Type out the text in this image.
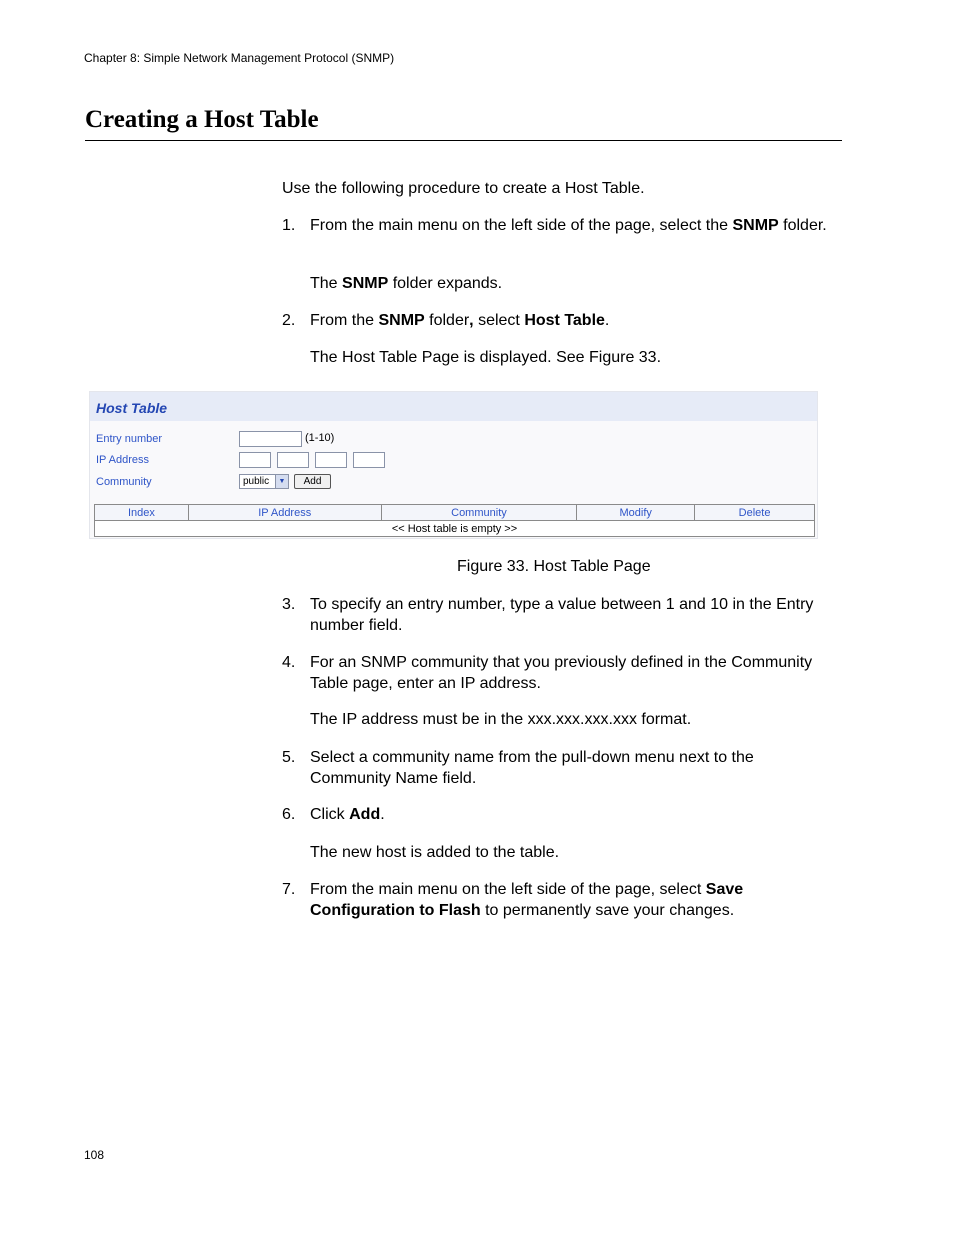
Chapter 8: Simple Network Management Protocol (SNMP)
Creating a Host Table
Use the following procedure to create a Host Table.
1. From the main menu on the left side of the page, select the SNMP folder.
The SNMP folder expands.
2. From the SNMP folder, select Host Table.
The Host Table Page is displayed. See Figure 33.
Host Table
Entry number	(1-10)
IP Address
Community	public	▼	Add
Index	IP Address	Community	Modify	Delete
<< Host table is empty >>
Figure 33. Host Table Page
3. To specify an entry number, type a value between 1 and 10 in the Entry number field.
4. For an SNMP community that you previously defined in the Community Table page, enter an IP address.
The IP address must be in the xxx.xxx.xxx.xxx format.
5. Select a community name from the pull-down menu next to the Community Name field.
6. Click Add.
The new host is added to the table.
7. From the main menu on the left side of the page, select Save Configuration to Flash to permanently save your changes.
108
